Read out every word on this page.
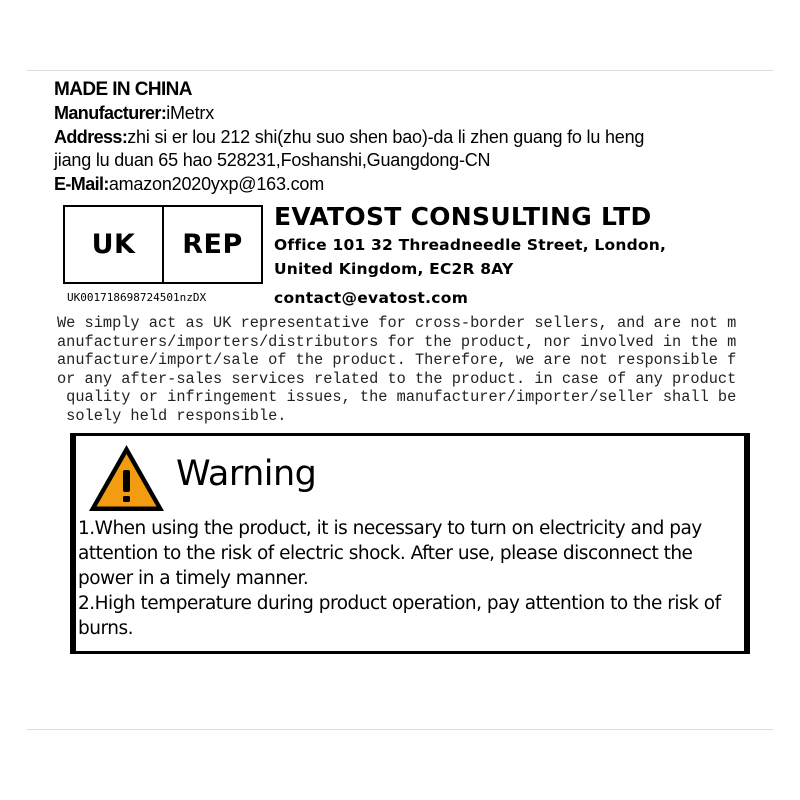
MADE IN CHINA
Manufacturer:iMetrx
Address:zhi si er lou 212 shi(zhu suo shen bao)-da li zhen guang fo lu heng
jiang lu duan 65 hao 528231,Foshanshi,Guangdong-CN
E-Mail:amazon2020yxp@163.com
UK	REP
UK001718698724501nzDX
EVATOST CONSULTING LTD
Office 101 32 Threadneedle Street, London,
United Kingdom, EC2R 8AY
contact@evatost.com
We simply act as UK representative for cross-border sellers, and are not m
anufacturers/importers/distributors for the product, nor involved in the m
anufacture/import/sale of the product. Therefore, we are not responsible f
or any after-sales services related to the product. in case of any product
quality or infringement issues, the manufacturer/importer/seller shall be
solely held responsible.
Warning

1.When using the product, it is necessary to turn on electricity and pay attention to the risk of electric shock. After use, please disconnect the power in a timely manner.

2.High temperature during product operation, pay attention to the risk of burns.
